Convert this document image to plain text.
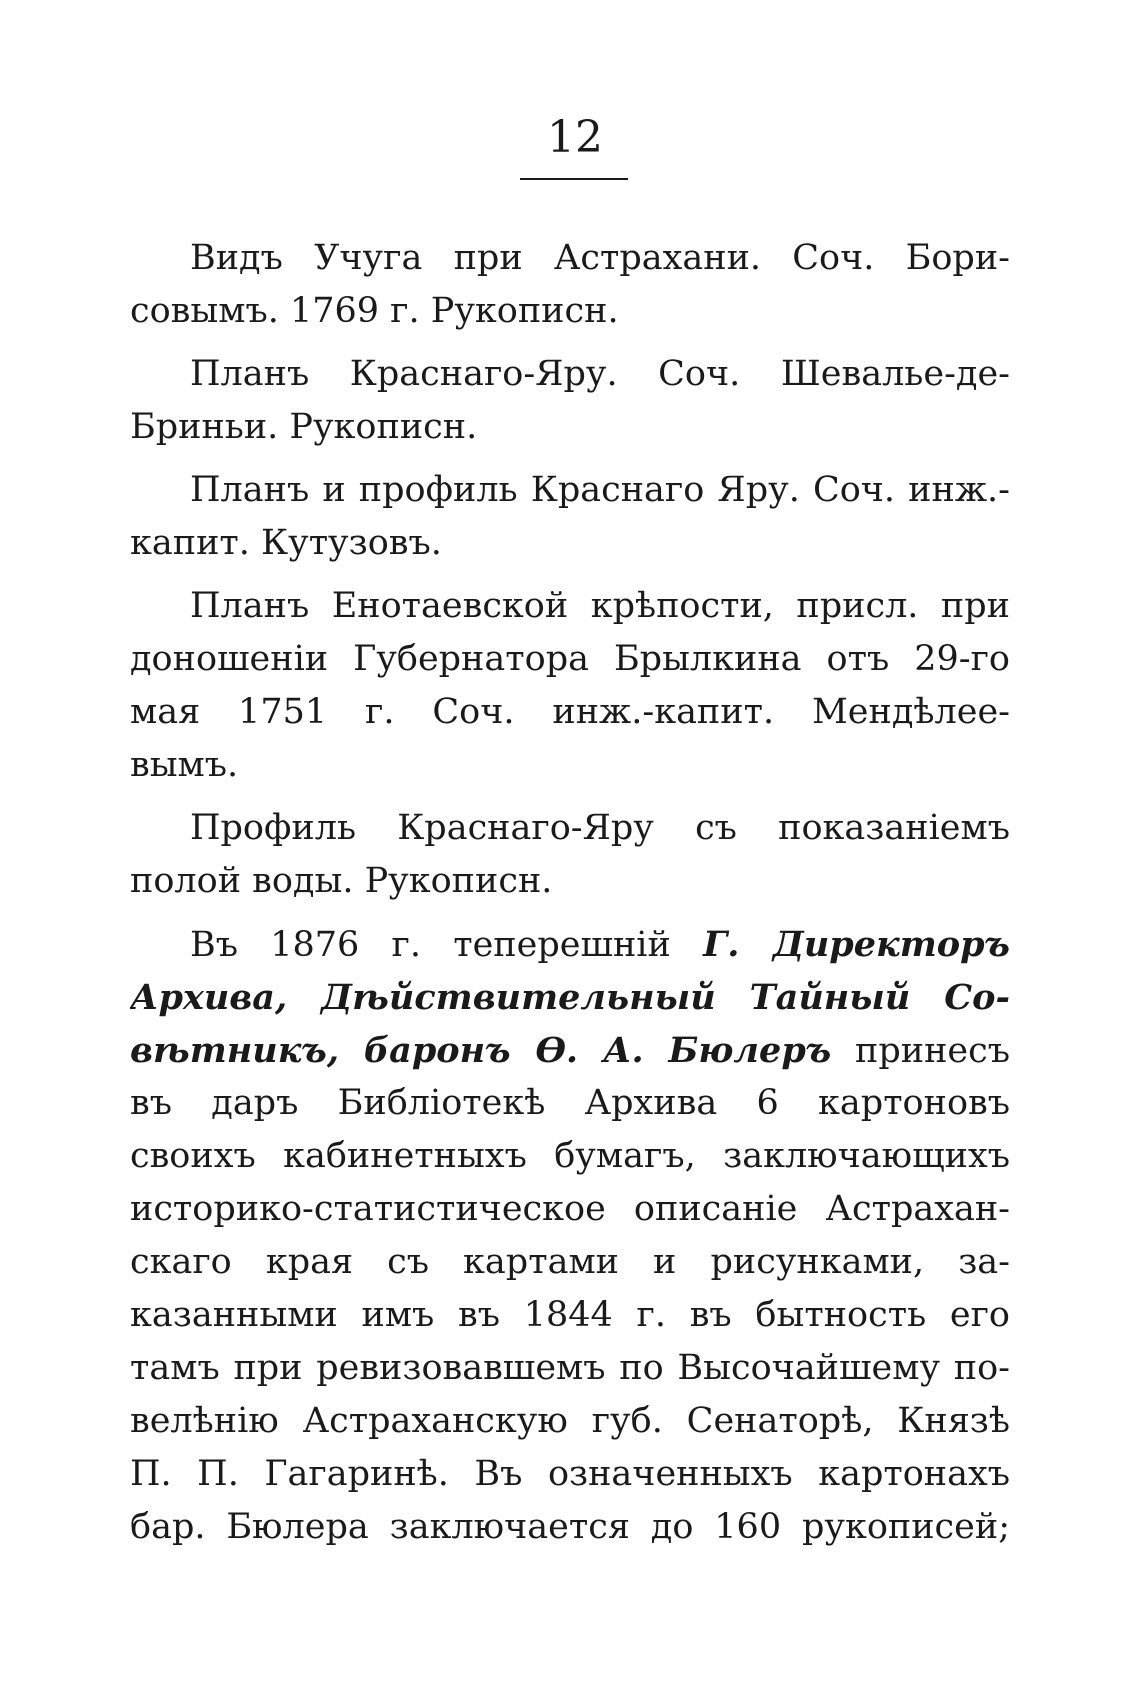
12
Видъ Учуга при Астрахани. Соч. Бори-
совымъ. 1769 г. Рукописн.
Планъ Краснаго-Яру. Соч. Шевалье-де-
Бриньи. Рукописн.
Планъ и профиль Краснаго Яру. Соч. инж.-
капит. Кутузовъ.
Планъ Енотаевской крѣпости, присл. при
доношеніи Губернатора Брылкина отъ 29-го
мая 1751 г. Соч. инж.-капит. Мендѣлее-
вымъ.
Профиль Краснаго-Яру съ показаніемъ
полой воды. Рукописн.
Въ 1876 г. теперешній Г. Директоръ
Архива, Дѣйствительный Тайный Со-
вѣтникъ, баронъ Ѳ. А. Бюлеръ принесъ
въ даръ Библіотекѣ Архива 6 картоновъ
своихъ кабинетныхъ бумагъ, заключающихъ
историко-статистическое описаніе Астрахан-
скаго края съ картами и рисунками, за-
казанными имъ въ 1844 г. въ бытность его
тамъ при ревизовавшемъ по Высочайшему по-
велѣнію Астраханскую губ. Сенаторѣ, Князѣ
П. П. Гагаринѣ. Въ означенныхъ картонахъ
бар. Бюлера заключается до 160 рукописей;
